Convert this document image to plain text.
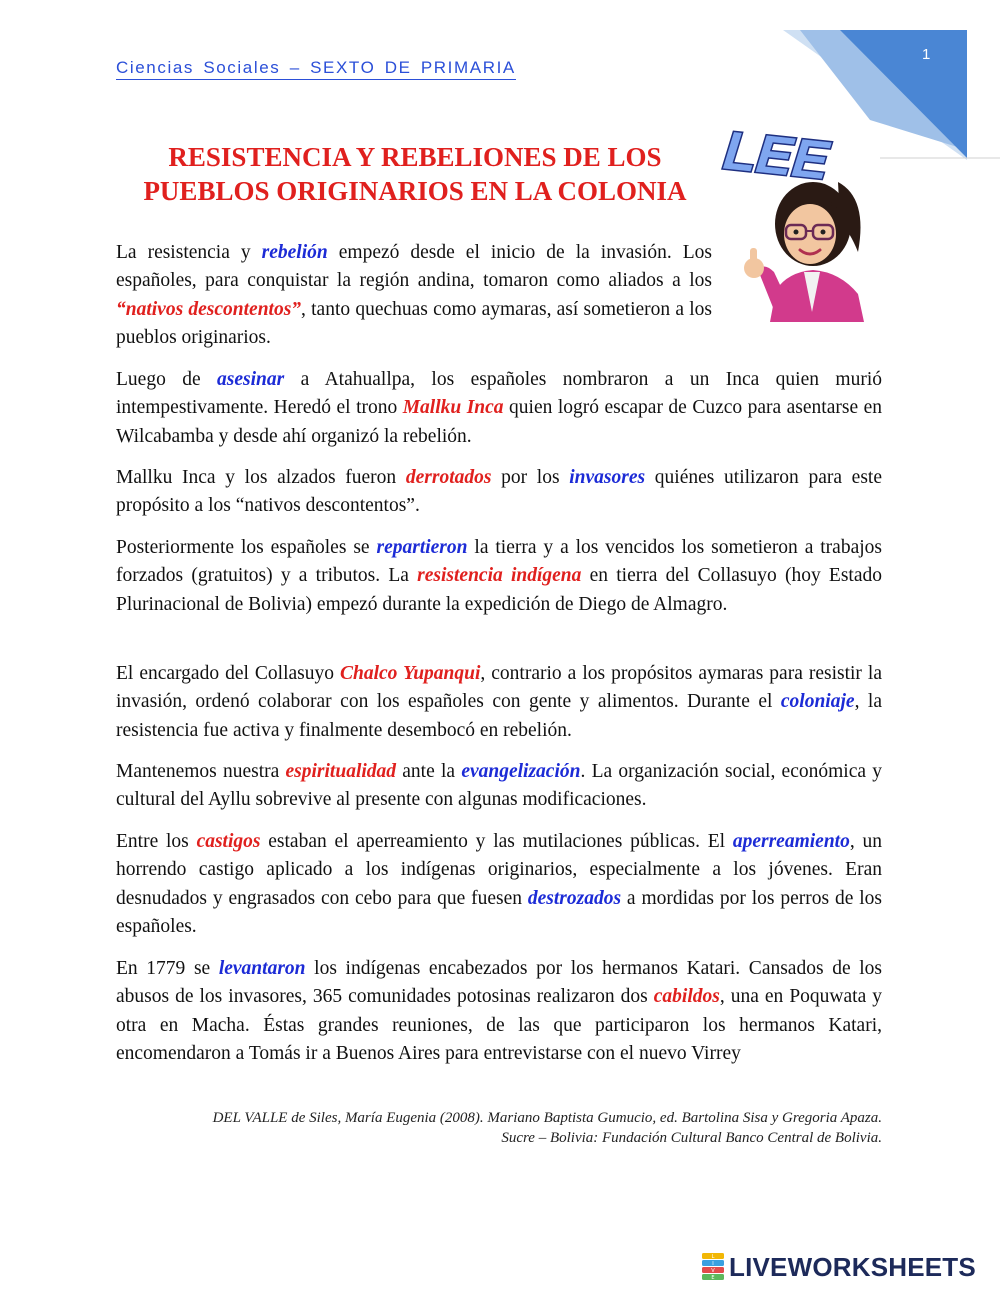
Ciencias Sociales – SEXTO DE PRIMARIA
1
RESISTENCIA Y REBELIONES DE LOS
PUEBLOS ORIGINARIOS EN LA COLONIA LEE

La resistencia y rebelión empezó desde el inicio de la invasión. Los españoles, para conquistar la región andina, tomaron como aliados a los “nativos descontentos”, tanto quechuas como aymaras, así sometieron a los pueblos originarios.

Luego de asesinar a Atahuallpa, los españoles nombraron a un Inca quien murió intempestivamente. Heredó el trono Mallku Inca quien logró escapar de Cuzco para asentarse en Wilcabamba y desde ahí organizó la rebelión.

Mallku Inca y los alzados fueron derrotados por los invasores quiénes utilizaron para este propósito a los “nativos descontentos”.

Posteriormente los españoles se repartieron la tierra y a los vencidos los sometieron a trabajos forzados (gratuitos) y a tributos. La resistencia indígena en tierra del Collasuyo (hoy Estado Plurinacional de Bolivia) empezó durante la expedición de Diego de Almagro.

El encargado del Collasuyo Chalco Yupanqui, contrario a los propósitos aymaras para resistir la invasión, ordenó colaborar con los españoles con gente y alimentos. Durante el coloniaje, la resistencia fue activa y finalmente desembocó en rebelión.

Mantenemos nuestra espiritualidad ante la evangelización. La organización social, económica y cultural del Ayllu sobrevive al presente con algunas modificaciones.

Entre los castigos estaban el aperreamiento y las mutilaciones públicas. El aperreamiento, un horrendo castigo aplicado a los indígenas originarios, especialmente a los jóvenes. Eran desnudados y engrasados con cebo para que fuesen destrozados a mordidas por los perros de los españoles.

En 1779 se levantaron los indígenas encabezados por los hermanos Katari. Cansados de los abusos de los invasores, 365 comunidades potosinas realizaron dos cabildos, una en Poquwata y otra en Macha. Éstas grandes reuniones, de las que participaron los hermanos Katari, encomendaron a Tomás ir a Buenos Aires para entrevistarse con el nuevo Virrey

DEL VALLE de Siles, María Eugenia (2008). Mariano Baptista Gumucio, ed. Bartolina Sisa y Gregoria Apaza.
Sucre – Bolivia: Fundación Cultural Banco Central de Bolivia.
L
I
V
E LIVEWORKSHEETS
